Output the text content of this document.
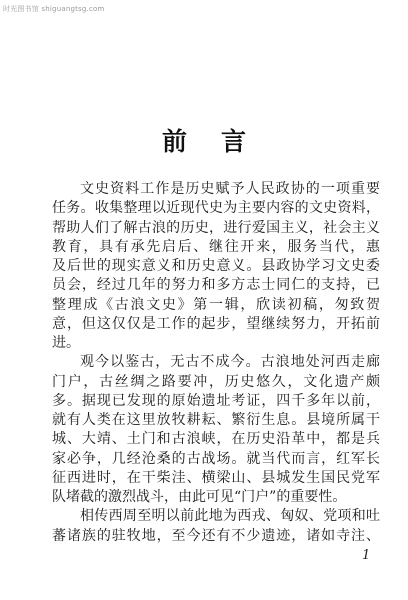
时光图书馆 shiguangtsg.com
前言
文史资料工作是历史赋予人民政协的一项重要
任务。收集整理以近现代史为主要内容的文史资料，
帮助人们了解古浪的历史，进行爱国主义，社会主义
教育，具有承先启后、继往开来，服务当代，惠
及后世的现实意义和历史意义。县政协学习文史委
员会，经过几年的努力和多方志士同仁的支持，已
整理成《古浪文史》第一辑，欣读初稿，匆致贺
意，但这仅仅是工作的起步，望继续努力，开拓前
进。
观今以鉴古，无古不成今。古浪地处河西走廊
门户，古丝绸之路要冲，历史悠久，文化遗产颇
多。据现已发现的原始遗址考证，四千多年以前，
就有人类在这里放牧耕耘、繁衍生息。县境所属干
城、大靖、土门和古浪峡，在历史沿革中，都是兵
家必争，几经沧桑的古战场。就当代而言，红军长
征西进时，在干柴洼、横梁山、县城发生国民党军
队堵截的激烈战斗，由此可见“门户”的重要性。
相传西周至明以前此地为西戎、匈奴、党项和吐
蕃诸族的驻牧地，至今还有不少遗迹，诸如寺注、
1
